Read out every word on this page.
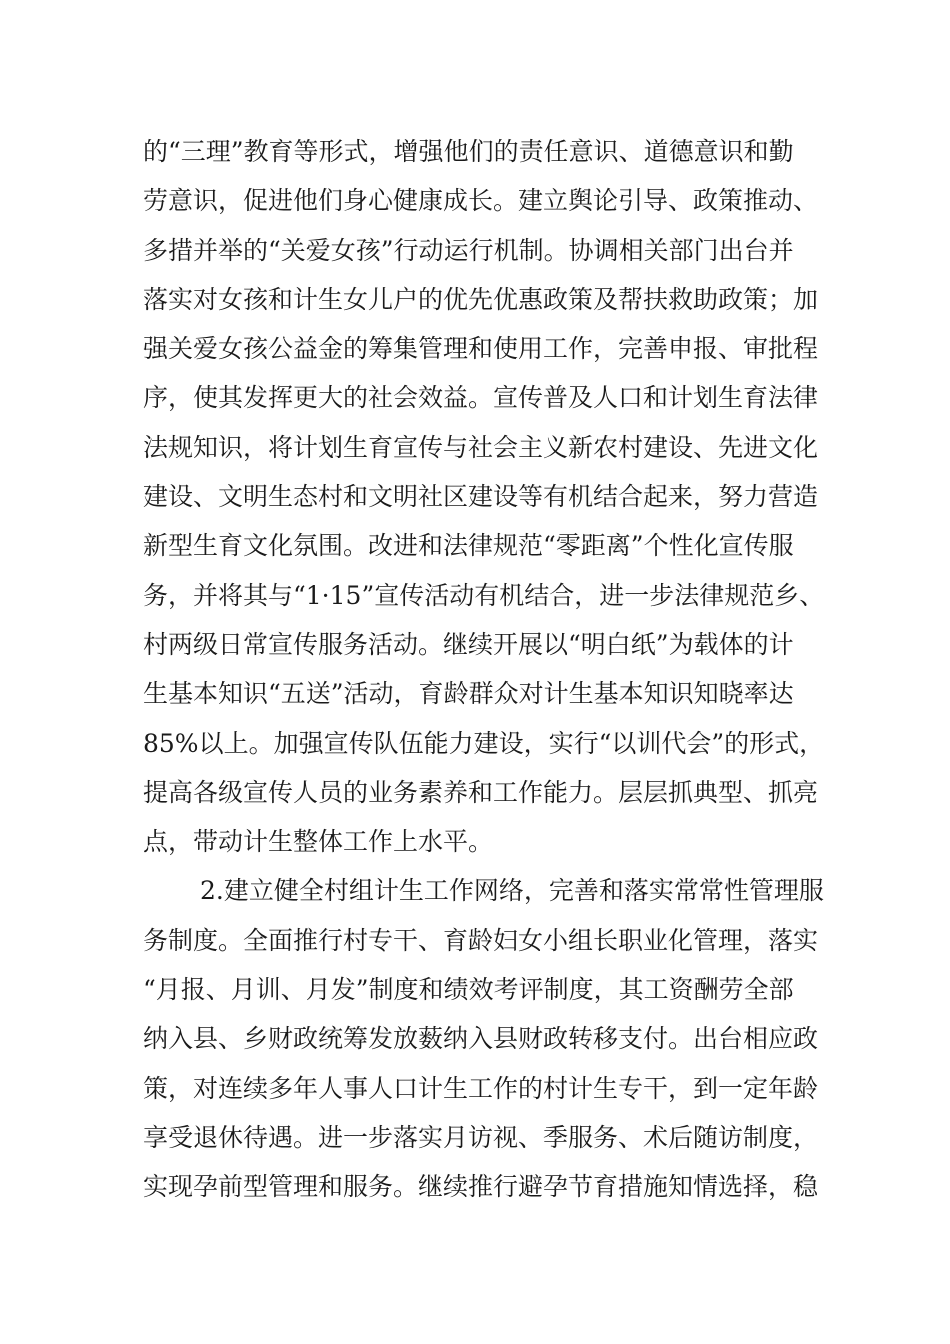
的“三理”教育等形式，增强他们的责任意识、道德意识和勤
劳意识，促进他们身心健康成长。建立舆论引导、政策推动、
多措并举的“关爱女孩”行动运行机制。协调相关部门出台并
落实对女孩和计生女儿户的优先优惠政策及帮扶救助政策；加
强关爱女孩公益金的筹集管理和使用工作，完善申报、审批程
序，使其发挥更大的社会效益。宣传普及人口和计划生育法律
法规知识，将计划生育宣传与社会主义新农村建设、先进文化
建设、文明生态村和文明社区建设等有机结合起来，努力营造
新型生育文化氛围。改进和法律规范“零距离”个性化宣传服
务，并将其与“1·15”宣传活动有机结合，进一步法律规范乡、
村两级日常宣传服务活动。继续开展以“明白纸”为载体的计
生基本知识“五送”活动，育龄群众对计生基本知识知晓率达
85%以上。加强宣传队伍能力建设，实行“以训代会”的形式，
提高各级宣传人员的业务素养和工作能力。层层抓典型、抓亮
点，带动计生整体工作上水平。
2.建立健全村组计生工作网络，完善和落实常常性管理服
务制度。全面推行村专干、育龄妇女小组长职业化管理，落实
“月报、月训、月发”制度和绩效考评制度，其工资酬劳全部
纳入县、乡财政统筹发放薮纳入县财政转移支付。出台相应政
策，对连续多年人事人口计生工作的村计生专干，到一定年龄
享受退休待遇。进一步落实月访视、季服务、术后随访制度，
实现孕前型管理和服务。继续推行避孕节育措施知情选择，稳
